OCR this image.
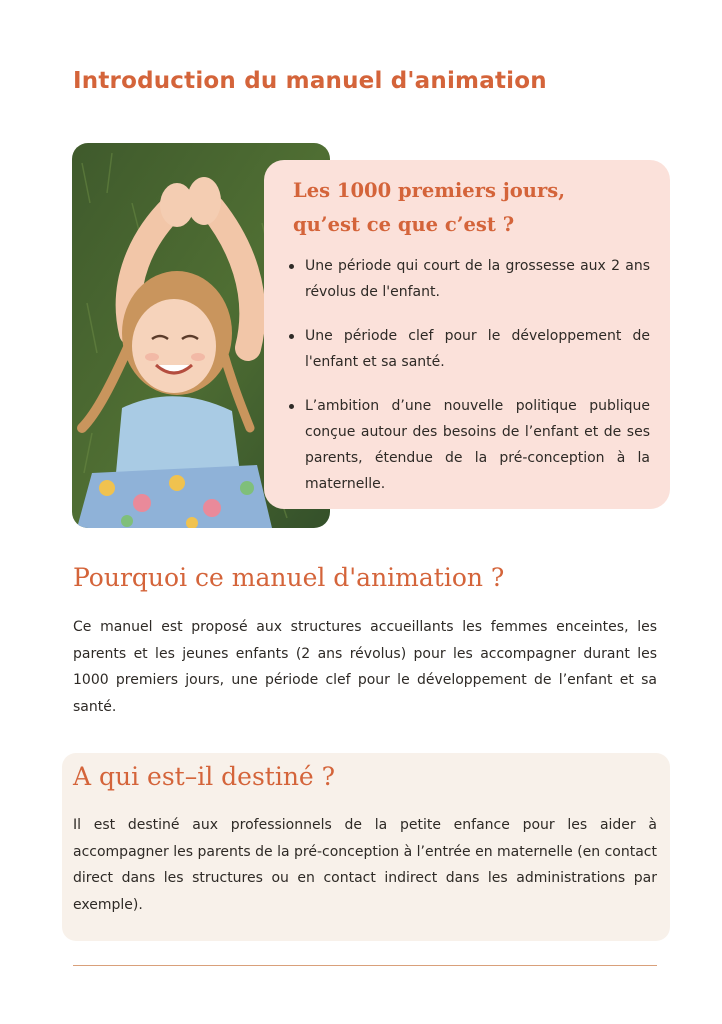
Introduction du manuel d'animation
Les 1000 premiers jours,
qu’est ce que c’est ?
Une période qui court de la grossesse aux 2 ans révolus de l'enfant.
Une période clef pour le développement de l'enfant et sa santé.
L’ambition d’une nouvelle politique publique conçue autour des besoins de l’enfant et de ses parents, étendue de la pré-conception à la maternelle.
Pourquoi ce manuel d'animation ?

Ce manuel est proposé aux structures accueillants les femmes enceintes, les parents et les jeunes enfants (2 ans révolus) pour les accompagner durant les 1000 premiers jours, une période clef pour le développement de l’enfant et sa santé.

A qui est–il destiné ?

Il est destiné aux professionnels de la petite enfance pour les aider à accompagner les parents de la pré-conception à l’entrée en maternelle (en contact direct dans les structures ou en contact indirect dans les administrations par exemple).
